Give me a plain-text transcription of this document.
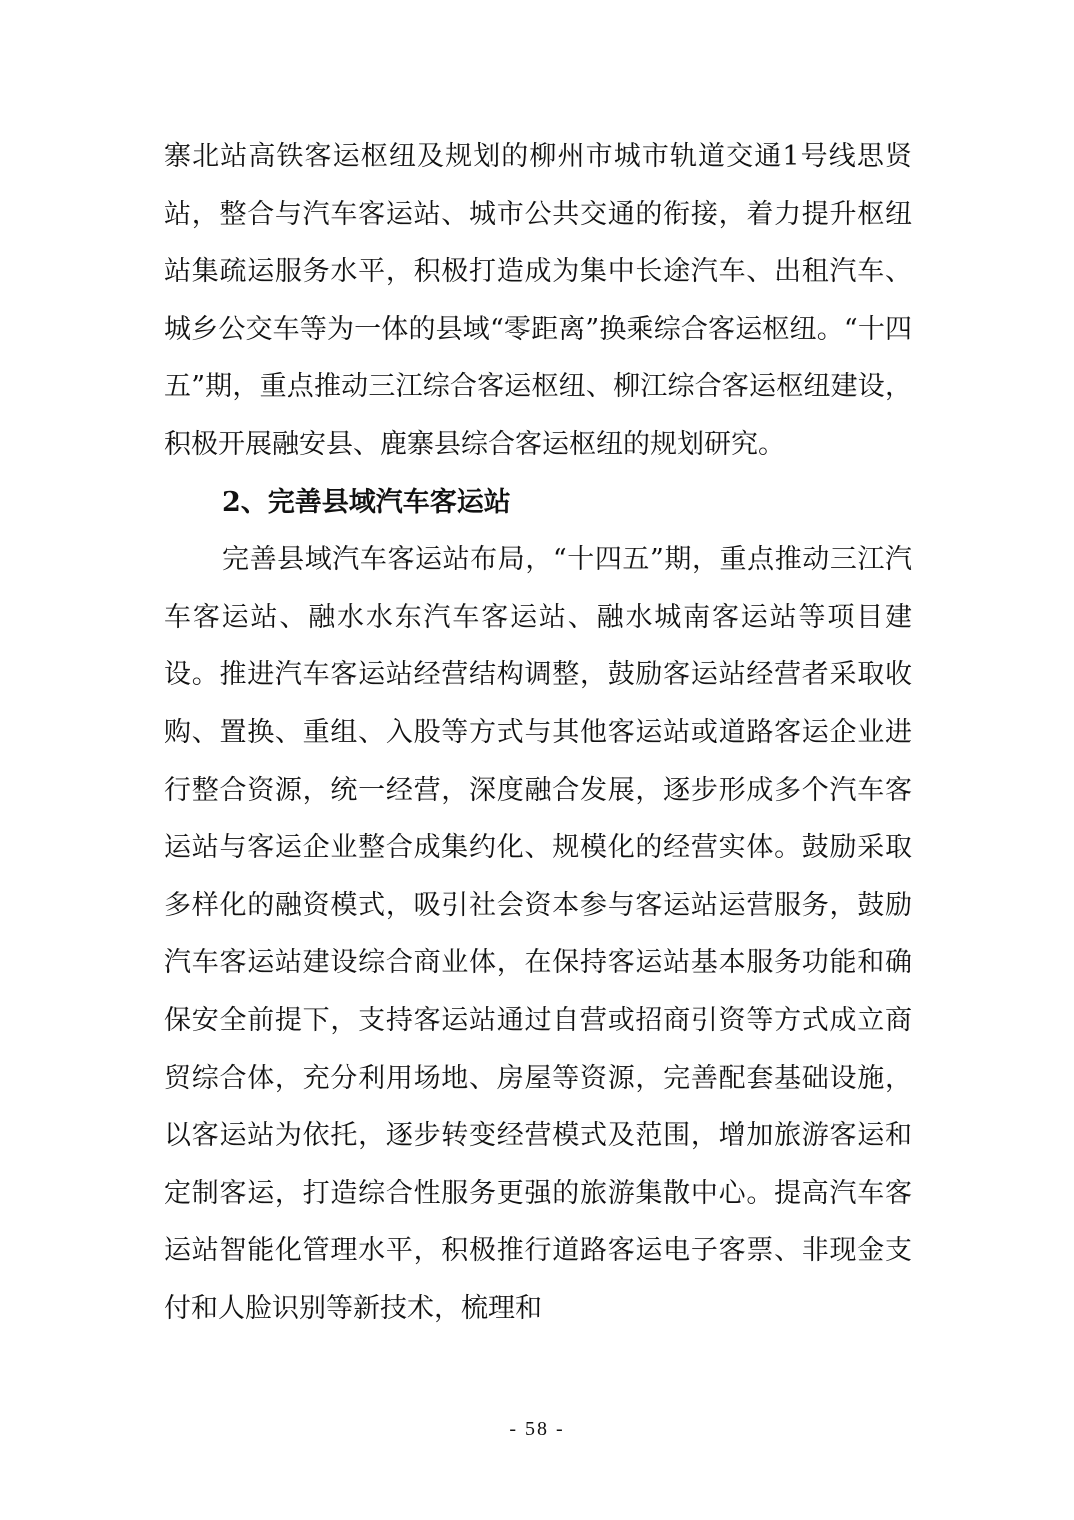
寨北站高铁客运枢纽及规划的柳州市城市轨道交通1号线思贤站，整合与汽车客运站、城市公共交通的衔接，着力提升枢纽站集疏运服务水平，积极打造成为集中长途汽车、出租汽车、城乡公交车等为一体的县域“零距离”换乘综合客运枢纽。“十四五”期，重点推动三江综合客运枢纽、柳江综合客运枢纽建设，积极开展融安县、鹿寨县综合客运枢纽的规划研究。

2、完善县域汽车客运站

完善县域汽车客运站布局，“十四五”期，重点推动三江汽车客运站、融水水东汽车客运站、融水城南客运站等项目建设。推进汽车客运站经营结构调整，鼓励客运站经营者采取收购、置换、重组、入股等方式与其他客运站或道路客运企业进行整合资源，统一经营，深度融合发展，逐步形成多个汽车客运站与客运企业整合成集约化、规模化的经营实体。鼓励采取多样化的融资模式，吸引社会资本参与客运站运营服务，鼓励汽车客运站建设综合商业体，在保持客运站基本服务功能和确保安全前提下，支持客运站通过自营或招商引资等方式成立商贸综合体，充分利用场地、房屋等资源，完善配套基础设施，以客运站为依托，逐步转变经营模式及范围，增加旅游客运和定制客运，打造综合性服务更强的旅游集散中心。提高汽车客运站智能化管理水平，积极推行道路客运电子客票、非现金支付和人脸识别等新技术，梳理和

- 58 -
